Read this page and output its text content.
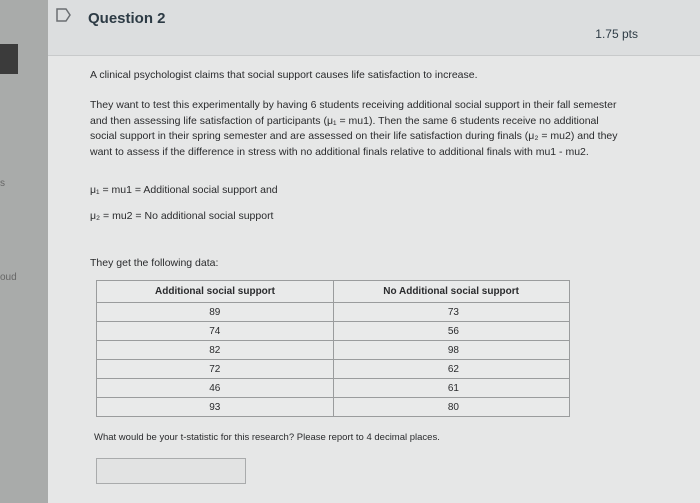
s
oud
Question 2
1.75 pts
A clinical psychologist claims that social support causes life satisfaction to increase.
They want to test this experimentally by having 6 students receiving additional social support in their fall semester and then assessing life satisfaction of participants (μ₁ = mu1). Then the same 6 students receive no additional social support in their spring semester and are assessed on their life satisfaction during finals (μ₂ = mu2) and they want to assess if the difference in stress with no additional finals relative to additional finals with mu1 - mu2.
μ₁ = mu1 = Additional social support and
μ₂ = mu2 = No additional social support
They get the following data:
Additional social support	No Additional social support
89	73
74	56
82	98
72	62
46	61
93	80
What would be your t-statistic for this research? Please report to 4 decimal places.
